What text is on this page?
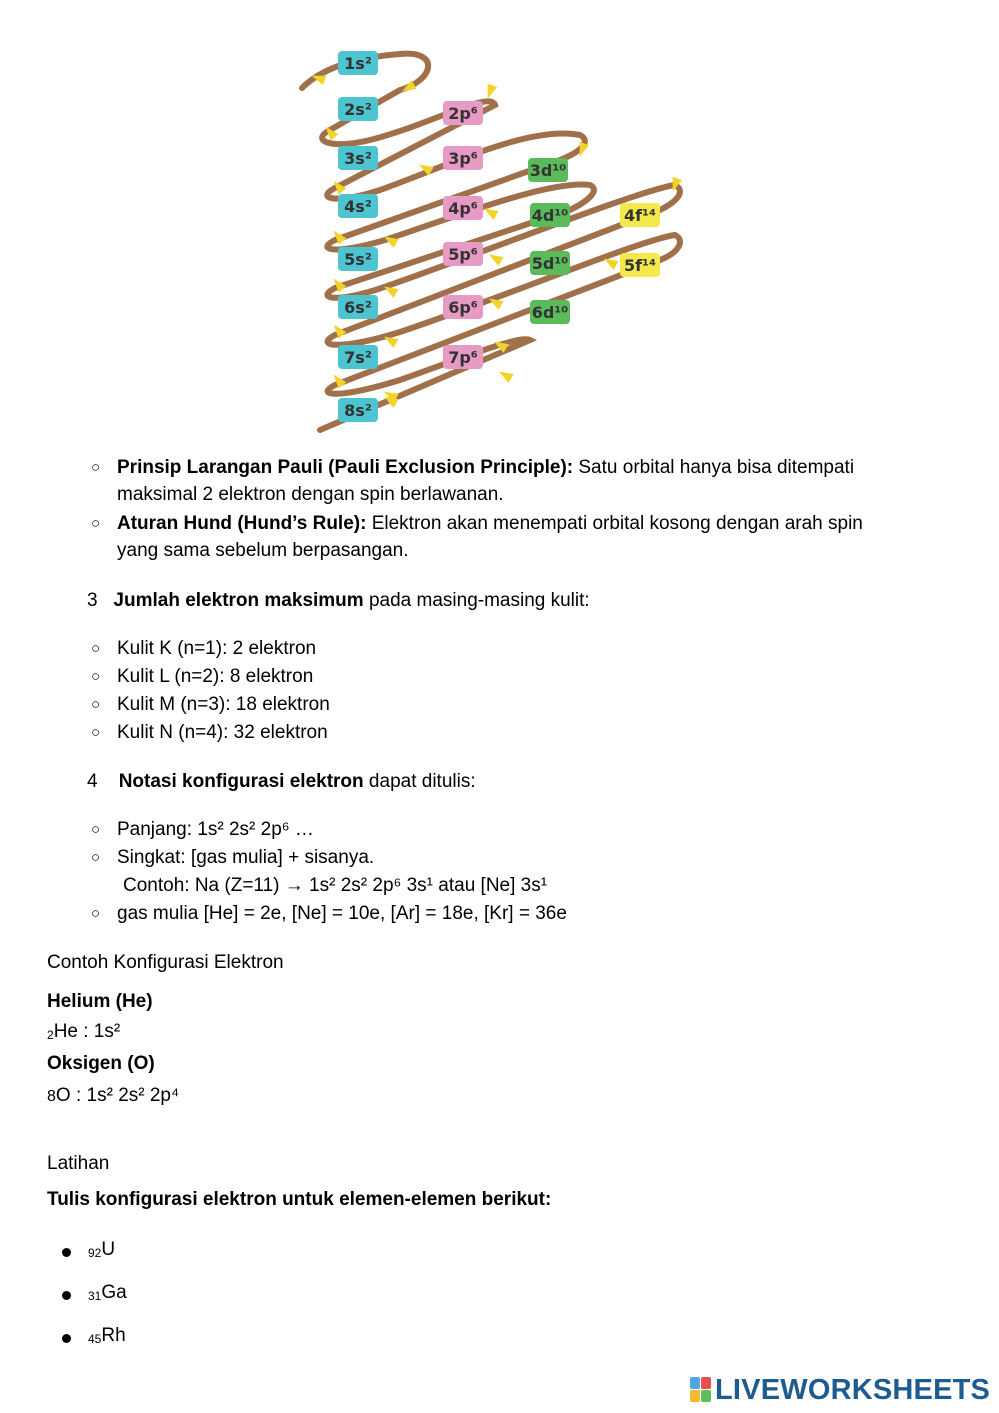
1s²
2s²	2p⁶
3s²	3p⁶
3d¹⁰
4s²	4p⁶	4d¹⁰	4f¹⁴
5s²	5p⁶	5d¹⁰	5f¹⁴
6s²	6p⁶	6d¹⁰
7s²	7p⁶
8s²
○ Prinsip Larangan Pauli (Pauli Exclusion Principle): Satu orbital hanya bisa ditempati
maksimal 2 elektron dengan spin berlawanan.
○ Aturan Hund (Hund’s Rule): Elektron akan menempati orbital kosong dengan arah spin
yang sama sebelum berpasangan.
3 Jumlah elektron maksimum pada masing-masing kulit:
○ Kulit K (n=1): 2 elektron
○ Kulit L (n=2): 8 elektron
○ Kulit M (n=3): 18 elektron
○ Kulit N (n=4): 32 elektron
4 Notasi konfigurasi elektron dapat ditulis:
○ Panjang: 1s² 2s² 2p⁶ …
○ Singkat: [gas mulia] + sisanya.
Contoh: Na (Z=11) → 1s² 2s² 2p⁶ 3s¹ atau [Ne] 3s¹
○ gas mulia [He] = 2e, [Ne] = 10e, [Ar] = 18e, [Kr] = 36e
Contoh Konfigurasi Elektron
Helium (He)
$_2$He : 1s²
Oksigen (O)
8O : 1s² 2s² 2p⁴
Latihan
Tulis konfigurasi elektron untuk elemen-elemen berikut:
$_{92}$U
$_{31}$Ga
$_{45}$Rh
LIVEWORKSHEETS
